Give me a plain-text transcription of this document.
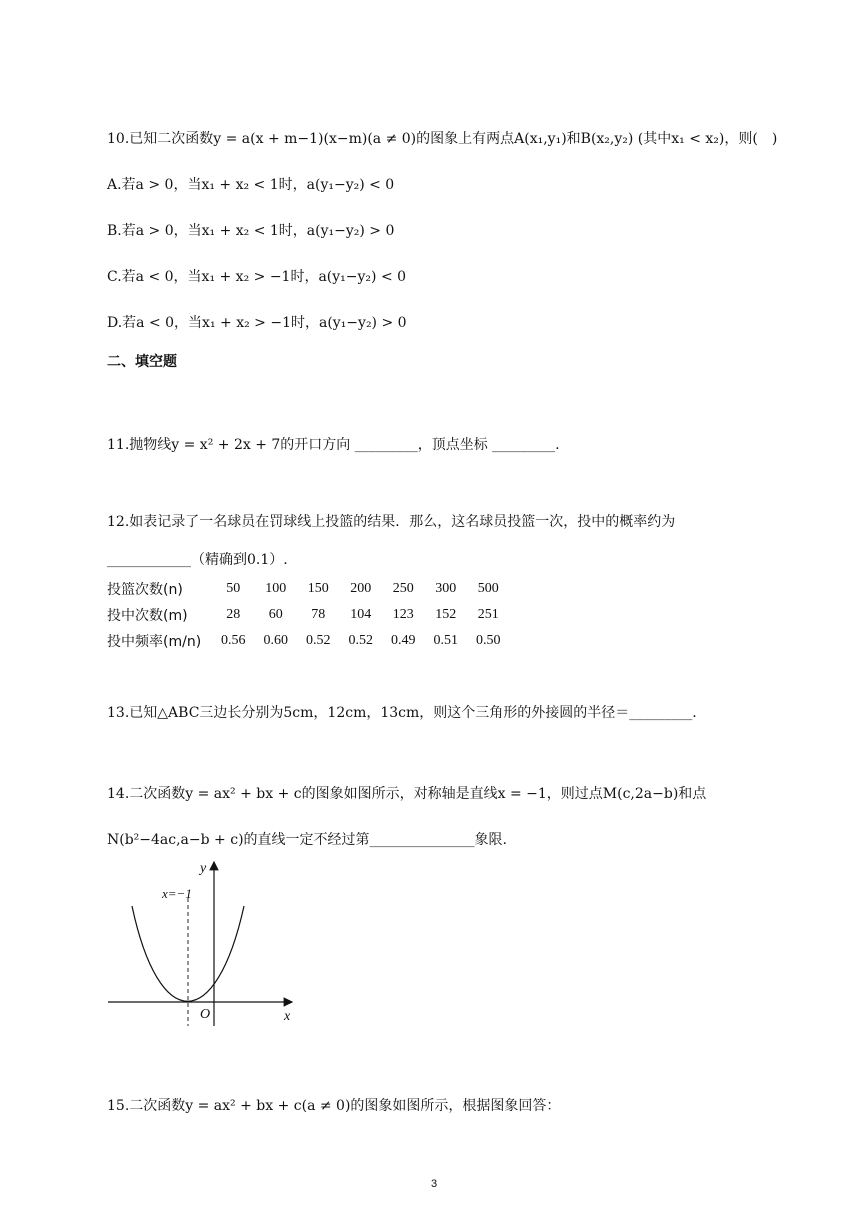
10.已知二次函数y = a(x + m−1)(x−m)(a ≠ 0)的图象上有两点A(x₁,y₁)和B(x₂,y₂) (其中x₁ < x₂)，则(　)
A.若a > 0，当x₁ + x₂ < 1时，a(y₁−y₂) < 0
B.若a > 0，当x₁ + x₂ < 1时，a(y₁−y₂) > 0
C.若a < 0，当x₁ + x₂ > −1时，a(y₁−y₂) < 0
D.若a < 0，当x₁ + x₂ > −1时，a(y₁−y₂) > 0
二、填空题
11.抛物线y = x² + 2x + 7的开口方向 _________，顶点坐标 _________.
12.如表记录了一名球员在罚球线上投篮的结果．那么，这名球员投篮一次，投中的概率约为
____________（精确到0.1）.
投篮次数(n)	50	100	150	200	250	300	500
投中次数(m)	28	60	78	104	123	152	251
投中频率(m/n)	0.56	0.60	0.52	0.52	0.49	0.51	0.50
13.已知△ABC三边长分别为5cm，12cm，13cm，则这个三角形的外接圆的半径＝_________.
14.二次函数y = ax² + bx + c的图象如图所示，对称轴是直线x = −1，则过点M(c,2a−b)和点
N(b²−4ac,a−b + c)的直线一定不经过第_______________象限.
x=−1
y
x
O
15.二次函数y = ax² + bx + c(a ≠ 0)的图象如图所示，根据图象回答：
3
